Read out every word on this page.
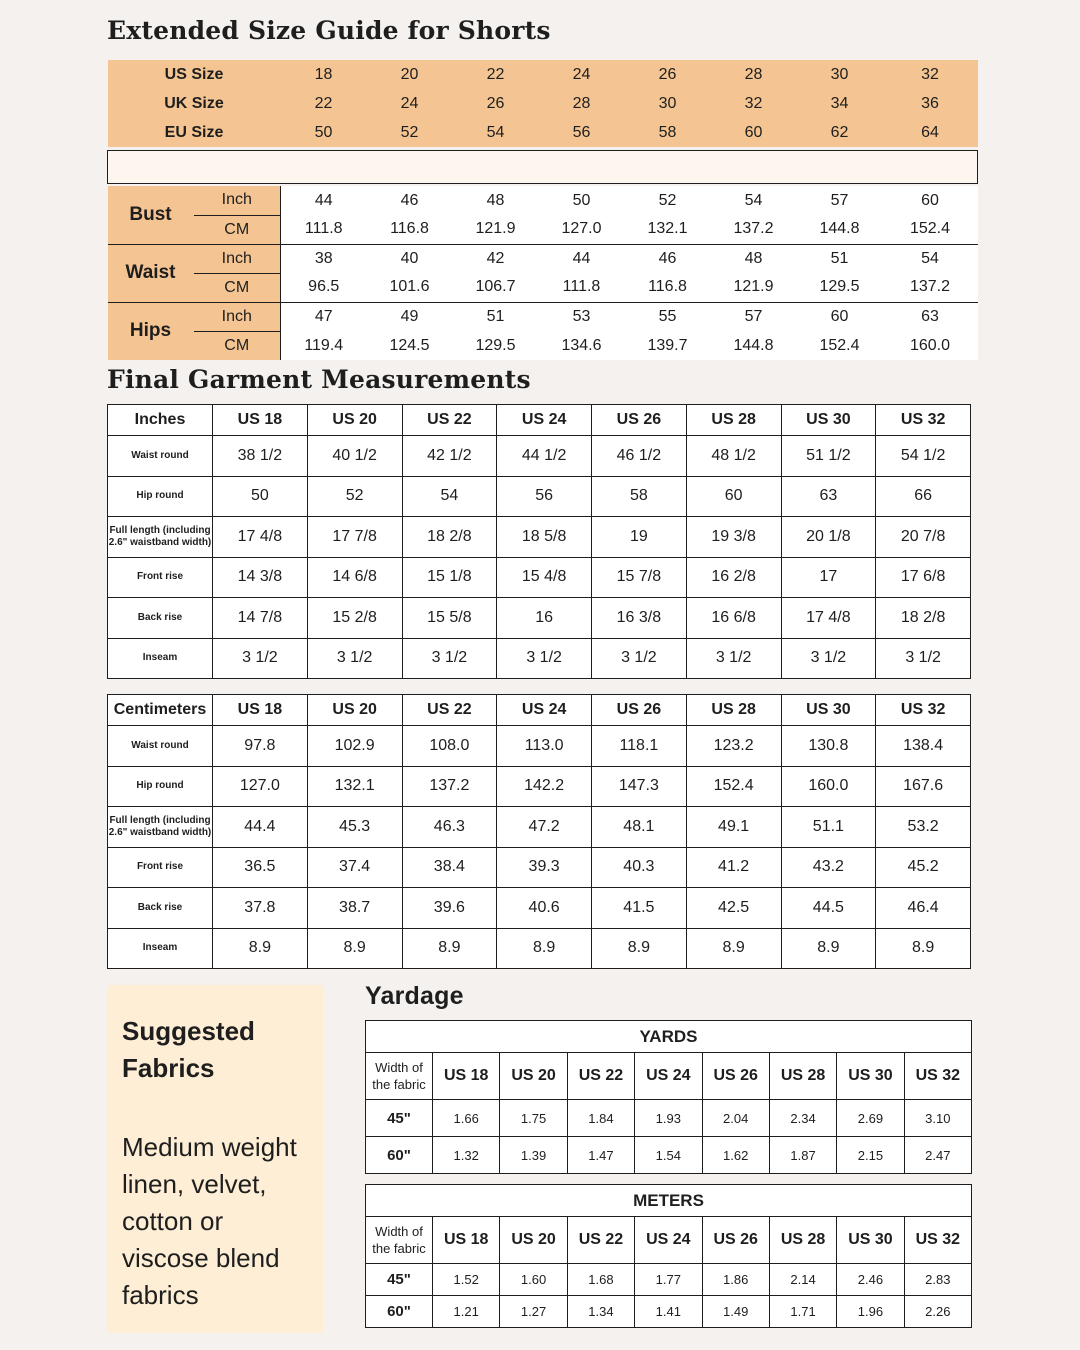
Extended Size Guide for Shorts
US Size		18	20	22	24	26	28	30	32
UK Size		22	24	26	28	30	32	34	36
EU Size		50	52	54	56	58	60	62	64

Bust	Inch	44	46	48	50	52	54	57	60
	CM	111.8	116.8	121.9	127.0	132.1	137.2	144.8	152.4
Waist	Inch	38	40	42	44	46	48	51	54
	CM	96.5	101.6	106.7	111.8	116.8	121.9	129.5	137.2
Hips	Inch	47	49	51	53	55	57	60	63
	CM	119.4	124.5	129.5	134.6	139.7	144.8	152.4	160.0
Final Garment Measurements
Inches	US 18	US 20	US 22	US 24	US 26	US 28	US 30	US 32
Waist round	38 1/2	40 1/2	42 1/2	44 1/2	46 1/2	48 1/2	51 1/2	54 1/2
Hip round	50	52	54	56	58	60	63	66
Full length (including 2.6" waistband width)	17 4/8	17 7/8	18 2/8	18 5/8	19	19 3/8	20 1/8	20 7/8
Front rise	14 3/8	14 6/8	15 1/8	15 4/8	15 7/8	16 2/8	17	17 6/8
Back rise	14 7/8	15 2/8	15 5/8	16	16 3/8	16 6/8	17 4/8	18 2/8
Inseam	3 1/2	3 1/2	3 1/2	3 1/2	3 1/2	3 1/2	3 1/2	3 1/2
Centimeters	US 18	US 20	US 22	US 24	US 26	US 28	US 30	US 32
Waist round	97.8	102.9	108.0	113.0	118.1	123.2	130.8	138.4
Hip round	127.0	132.1	137.2	142.2	147.3	152.4	160.0	167.6
Full length (including 2.6" waistband width)	44.4	45.3	46.3	47.2	48.1	49.1	51.1	53.2
Front rise	36.5	37.4	38.4	39.3	40.3	41.2	43.2	45.2
Back rise	37.8	38.7	39.6	40.6	41.5	42.5	44.5	46.4
Inseam	8.9	8.9	8.9	8.9	8.9	8.9	8.9	8.9
Suggested Fabrics
Medium weight linen, velvet, cotton or viscose blend fabrics
Yardage
YARDS								
Width of the fabric	US 18	US 20	US 22	US 24	US 26	US 28	US 30	US 32
45"	1.66	1.75	1.84	1.93	2.04	2.34	2.69	3.10
60"	1.32	1.39	1.47	1.54	1.62	1.87	2.15	2.47
METERS								
Width of the fabric	US 18	US 20	US 22	US 24	US 26	US 28	US 30	US 32
45"	1.52	1.60	1.68	1.77	1.86	2.14	2.46	2.83
60"	1.21	1.27	1.34	1.41	1.49	1.71	1.96	2.26
